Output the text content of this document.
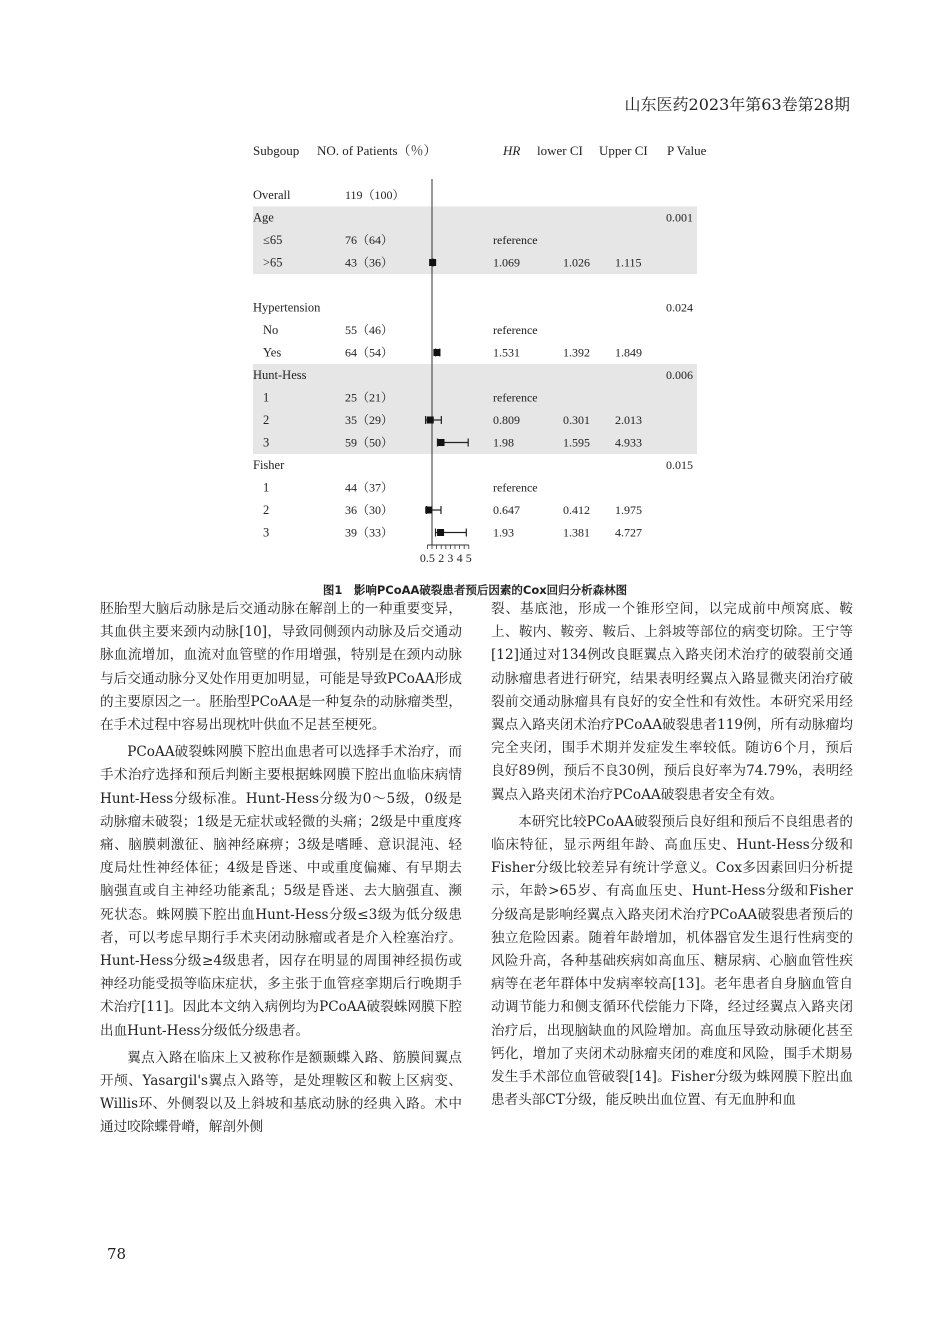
山东医药2023年第63卷第28期
Subgoup NO. of Patients（％）	HR lower CI Upper CI P Value
Overall	119（100）
Age	0.001
≤65	76（64）	reference
>65	43（36）	1.069	1.026 1.115
Hypertension	0.024
No	55（46）	reference
Yes	64（54）	1.531	1.392 1.849
Hunt-Hess	0.006
1	25（21）	reference
2	35（29）	0.809	0.301 2.013
3	59（50）	1.98	1.595 4.933
Fisher	0.015
1	44（37）	reference
2	36（30）	0.647	0.412 1.975
3	39（33）	1.93	1.381 4.727
0.5 2 3 4 5
图1　影响PCoAA破裂患者预后因素的Cox回归分析森林图

胚胎型大脑后动脉是后交通动脉在解剖上的一种重要变异，其血供主要来颈内动脉[10]，导致同侧颈内动脉及后交通动脉血流增加，血流对血管壁的作用增强，特别是在颈内动脉与后交通动脉分叉处作用更加明显，可能是导致PCoAA形成的主要原因之一。胚胎型PCoAA是一种复杂的动脉瘤类型，在手术过程中容易出现枕叶供血不足甚至梗死。

PCoAA破裂蛛网膜下腔出血患者可以选择手术治疗，而手术治疗选择和预后判断主要根据蛛网膜下腔出血临床病情Hunt-Hess分级标准。Hunt-Hess分级为0～5级，0级是动脉瘤未破裂；1级是无症状或轻微的头痛；2级是中重度疼痛、脑膜刺激征、脑神经麻痹；3级是嗜睡、意识混沌、轻度局灶性神经体征；4级是昏迷、中或重度偏瘫、有早期去脑强直或自主神经功能紊乱；5级是昏迷、去大脑强直、濒死状态。蛛网膜下腔出血Hunt-Hess分级≤3级为低分级患者，可以考虑早期行手术夹闭动脉瘤或者是介入栓塞治疗。Hunt-Hess分级≥4级患者，因存在明显的周围神经损伤或神经功能受损等临床症状，多主张于血管痉挛期后行晚期手术治疗[11]。因此本文纳入病例均为PCoAA破裂蛛网膜下腔出血Hunt-Hess分级低分级患者。

翼点入路在临床上又被称作是额颞蝶入路、筋膜间翼点开颅、Yasargil's翼点入路等，是处理鞍区和鞍上区病变、Willis环、外侧裂以及上斜坡和基底动脉的经典入路。术中通过咬除蝶骨嵴，解剖外侧

裂、基底池，形成一个锥形空间，以完成前中颅窝底、鞍上、鞍内、鞍旁、鞍后、上斜坡等部位的病变切除。王宁等[12]通过对134例改良眶翼点入路夹闭术治疗的破裂前交通动脉瘤患者进行研究，结果表明经翼点入路显微夹闭治疗破裂前交通动脉瘤具有良好的安全性和有效性。本研究采用经翼点入路夹闭术治疗PCoAA破裂患者119例，所有动脉瘤均完全夹闭，围手术期并发症发生率较低。随访6个月，预后良好89例，预后不良30例，预后良好率为74.79%，表明经翼点入路夹闭术治疗PCoAA破裂患者安全有效。

本研究比较PCoAA破裂预后良好组和预后不良组患者的临床特征，显示两组年龄、高血压史、Hunt-Hess分级和Fisher分级比较差异有统计学意义。Cox多因素回归分析提示，年龄>65岁、有高血压史、Hunt-Hess分级和Fisher分级高是影响经翼点入路夹闭术治疗PCoAA破裂患者预后的独立危险因素。随着年龄增加，机体器官发生退行性病变的风险升高，各种基础疾病如高血压、糖尿病、心脑血管性疾病等在老年群体中发病率较高[13]。老年患者自身脑血管自动调节能力和侧支循环代偿能力下降，经过经翼点入路夹闭治疗后，出现脑缺血的风险增加。高血压导致动脉硬化甚至钙化，增加了夹闭术动脉瘤夹闭的难度和风险，围手术期易发生手术部位血管破裂[14]。Fisher分级为蛛网膜下腔出血患者头部CT分级，能反映出血位置、有无血肿和血

78
